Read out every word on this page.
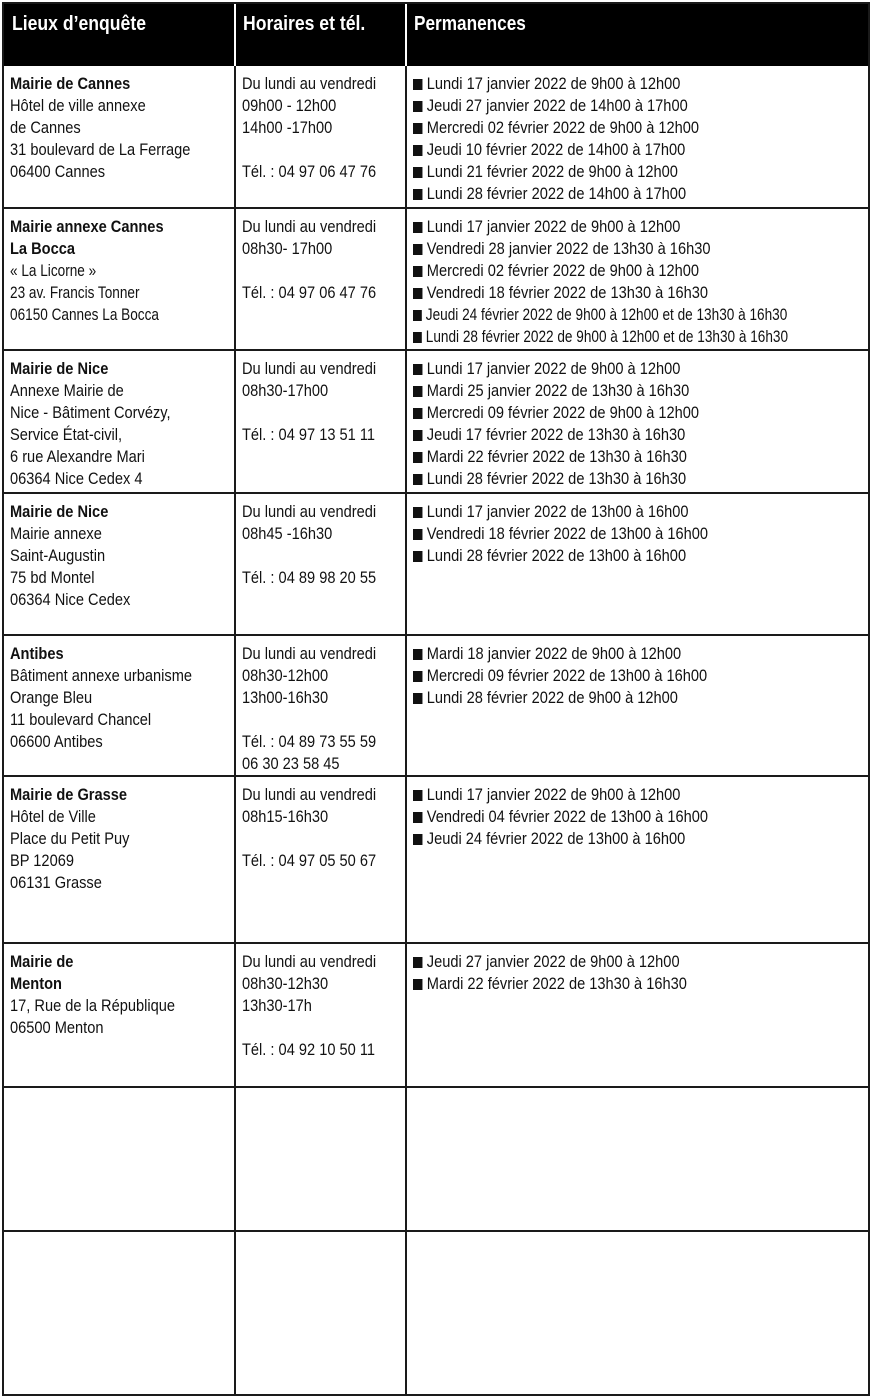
Lieux d’enquête	Horaires et tél. Permanences
Mairie de Cannes
Hôtel de ville annexe
de Cannes
31 boulevard de La Ferrage
06400 Cannes
Du lundi au vendredi
09h00 - 12h00
14h00 -17h00
Tél. : 04 97 06 47 76
Lundi 17 janvier 2022 de 9h00 à 12h00
Jeudi 27 janvier 2022 de 14h00 à 17h00
Mercredi 02 février 2022 de 9h00 à 12h00
Jeudi 10 février 2022 de 14h00 à 17h00
Lundi 21 février 2022 de 9h00 à 12h00
Lundi 28 février 2022 de 14h00 à 17h00
Mairie annexe Cannes
La Bocca
« La Licorne »
23 av. Francis Tonner
06150 Cannes La Bocca
Du lundi au vendredi
08h30- 17h00
Tél. : 04 97 06 47 76
Lundi 17 janvier 2022 de 9h00 à 12h00
Vendredi 28 janvier 2022 de 13h30 à 16h30
Mercredi 02 février 2022 de 9h00 à 12h00
Vendredi 18 février 2022 de 13h30 à 16h30
Jeudi 24 février 2022 de 9h00 à 12h00 et de 13h30 à 16h30
Lundi 28 février 2022 de 9h00 à 12h00 et de 13h30 à 16h30
Mairie de Nice
Annexe Mairie de
Nice - Bâtiment Corvézy,
Service État-civil,
6 rue Alexandre Mari
06364 Nice Cedex 4
Du lundi au vendredi
08h30-17h00
Tél. : 04 97 13 51 11
Lundi 17 janvier 2022 de 9h00 à 12h00
Mardi 25 janvier 2022 de 13h30 à 16h30
Mercredi 09 février 2022 de 9h00 à 12h00
Jeudi 17 février 2022 de 13h30 à 16h30
Mardi 22 février 2022 de 13h30 à 16h30
Lundi 28 février 2022 de 13h30 à 16h30
Mairie de Nice
Mairie annexe
Saint-Augustin
75 bd Montel
06364 Nice Cedex
Du lundi au vendredi
08h45 -16h30
Tél. : 04 89 98 20 55
Lundi 17 janvier 2022 de 13h00 à 16h00
Vendredi 18 février 2022 de 13h00 à 16h00
Lundi 28 février 2022 de 13h00 à 16h00
Antibes
Bâtiment annexe urbanisme
Orange Bleu
11 boulevard Chancel
06600 Antibes
Du lundi au vendredi
08h30-12h00
13h00-16h30
Tél. : 04 89 73 55 59
06 30 23 58 45
Mardi 18 janvier 2022 de 9h00 à 12h00
Mercredi 09 février 2022 de 13h00 à 16h00
Lundi 28 février 2022 de 9h00 à 12h00
Mairie de Grasse
Hôtel de Ville
Place du Petit Puy
BP 12069
06131 Grasse
Du lundi au vendredi
08h15-16h30
Tél. : 04 97 05 50 67
Lundi 17 janvier 2022 de 9h00 à 12h00
Vendredi 04 février 2022 de 13h00 à 16h00
Jeudi 24 février 2022 de 13h00 à 16h00
Mairie de
Menton
17, Rue de la République
06500 Menton
Du lundi au vendredi
08h30-12h30
13h30-17h
Tél. : 04 92 10 50 11
Jeudi 27 janvier 2022 de 9h00 à 12h00
Mardi 22 février 2022 de 13h30 à 16h30
